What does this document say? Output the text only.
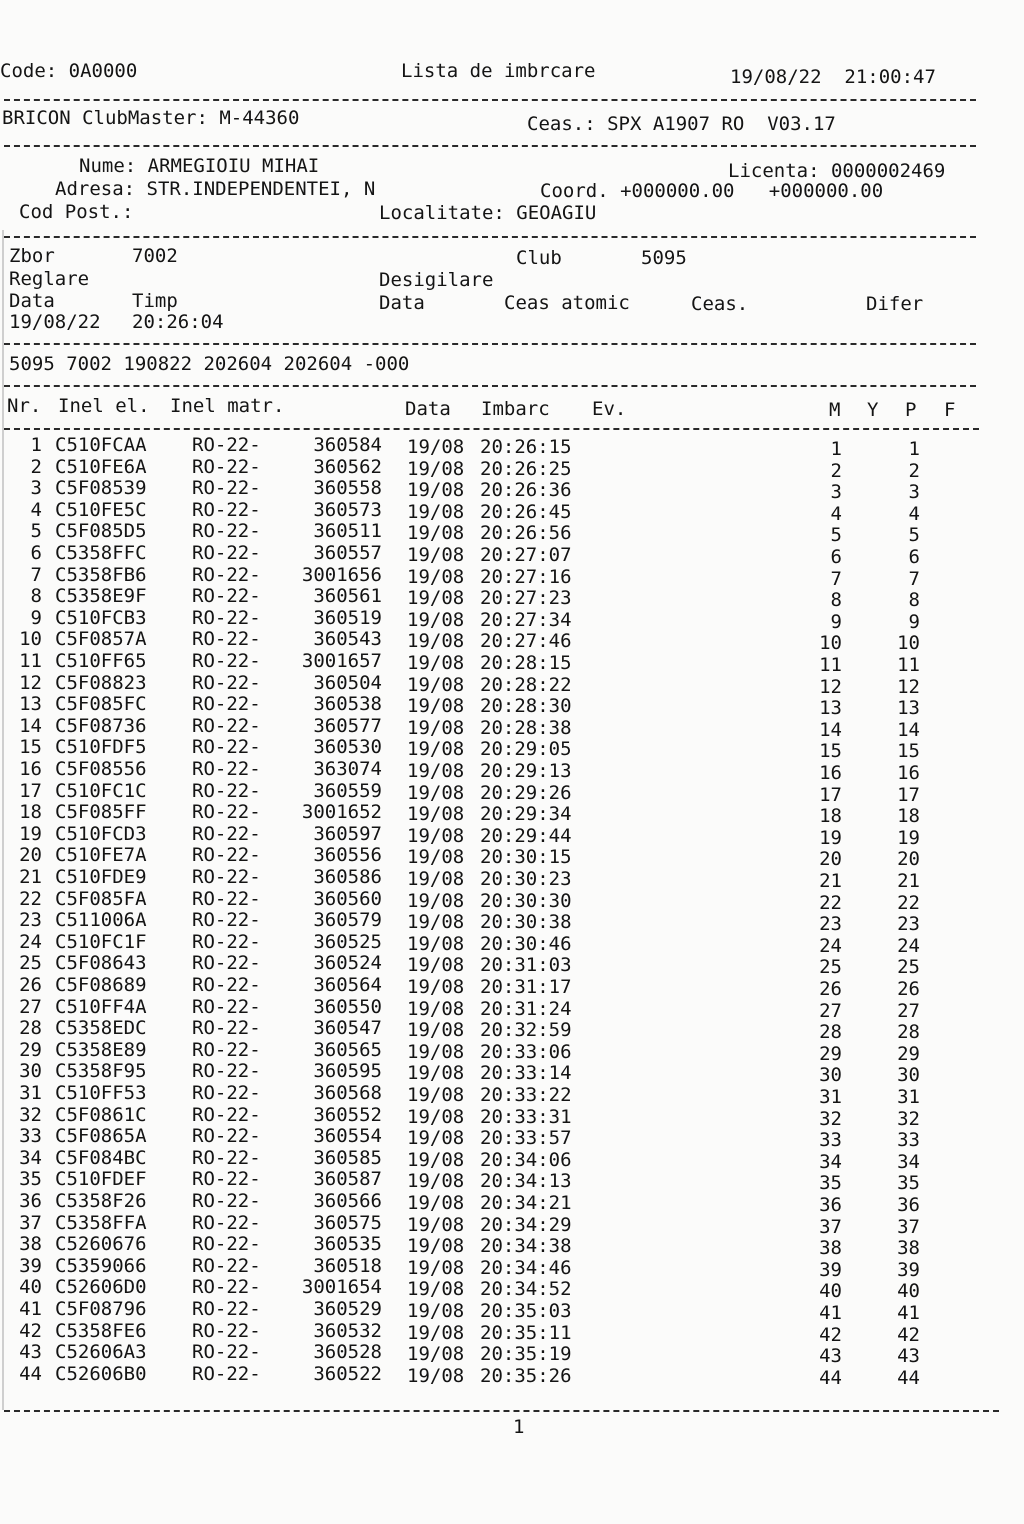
Code: 0A0000	Lista de imbrcare	19/08/22  21:00:47
BRICON ClubMaster: M-44360	Ceas.: SPX A1907 RO  V03.17
Nume: ARMEGIOIU MIHAI	Licenta: 0000002469
Adresa: STR.INDEPENDENTEI, N	Coord. +000000.00   +000000.00
Cod Post.:	Localitate: GEOAGIU
Zbor	7002	Club	5095
Reglare	Desigilare
Data	Timp	Data	Ceas atomic	Ceas.	Difer
19/08/22 20:26:04
5095 7002 190822 202604 202604 -000
Nr. Inel el. Inel matr.	Data Imbarc Ev.	M Y P F
1 C510FCAA	RO-22-	360584 19/08 20:26:15	1	1
2 C510FE6A	RO-22-	360562 19/08 20:26:25	2	2
3 C5F08539	RO-22-	360558 19/08 20:26:36	3	3
4 C510FE5C	RO-22-	360573 19/08 20:26:45	4	4
5 C5F085D5	RO-22-	360511 19/08 20:26:56	5	5
6 C5358FFC	RO-22-	360557 19/08 20:27:07	6	6
7 C5358FB6	RO-22-	3001656 19/08 20:27:16	7	7
8 C5358E9F	RO-22-	360561 19/08 20:27:23	8	8
9 C510FCB3	RO-22-	360519 19/08 20:27:34	9	9
10 C5F0857A	RO-22-	360543 19/08 20:27:46	10	10
11 C510FF65	RO-22-	3001657 19/08 20:28:15	11	11
12 C5F08823	RO-22-	360504 19/08 20:28:22	12	12
13 C5F085FC	RO-22-	360538 19/08 20:28:30	13	13
14 C5F08736	RO-22-	360577 19/08 20:28:38	14	14
15 C510FDF5	RO-22-	360530 19/08 20:29:05	15	15
16 C5F08556	RO-22-	363074 19/08 20:29:13	16	16
17 C510FC1C	RO-22-	360559 19/08 20:29:26	17	17
18 C5F085FF	RO-22-	3001652 19/08 20:29:34	18	18
19 C510FCD3	RO-22-	360597 19/08 20:29:44	19	19
20 C510FE7A	RO-22-	360556 19/08 20:30:15	20	20
21 C510FDE9	RO-22-	360586 19/08 20:30:23	21	21
22 C5F085FA	RO-22-	360560 19/08 20:30:30	22	22
23 C511006A	RO-22-	360579 19/08 20:30:38	23	23
24 C510FC1F	RO-22-	360525 19/08 20:30:46	24	24
25 C5F08643	RO-22-	360524 19/08 20:31:03	25	25
26 C5F08689	RO-22-	360564 19/08 20:31:17	26	26
27 C510FF4A	RO-22-	360550 19/08 20:31:24	27	27
28 C5358EDC	RO-22-	360547 19/08 20:32:59	28	28
29 C5358E89	RO-22-	360565 19/08 20:33:06	29	29
30 C5358F95	RO-22-	360595 19/08 20:33:14	30	30
31 C510FF53	RO-22-	360568 19/08 20:33:22	31	31
32 C5F0861C	RO-22-	360552 19/08 20:33:31	32	32
33 C5F0865A	RO-22-	360554 19/08 20:33:57	33	33
34 C5F084BC	RO-22-	360585 19/08 20:34:06	34	34
35 C510FDEF	RO-22-	360587 19/08 20:34:13	35	35
36 C5358F26	RO-22-	360566 19/08 20:34:21	36	36
37 C5358FFA	RO-22-	360575 19/08 20:34:29	37	37
38 C5260676	RO-22-	360535 19/08 20:34:38	38	38
39 C5359066	RO-22-	360518 19/08 20:34:46	39	39
40 C52606D0	RO-22-	3001654 19/08 20:34:52	40	40
41 C5F08796	RO-22-	360529 19/08 20:35:03	41	41
42 C5358FE6	RO-22-	360532 19/08 20:35:11	42	42
43 C52606A3	RO-22-	360528 19/08 20:35:19	43	43
44 C52606B0	RO-22-	360522 19/08 20:35:26	44	44
1
